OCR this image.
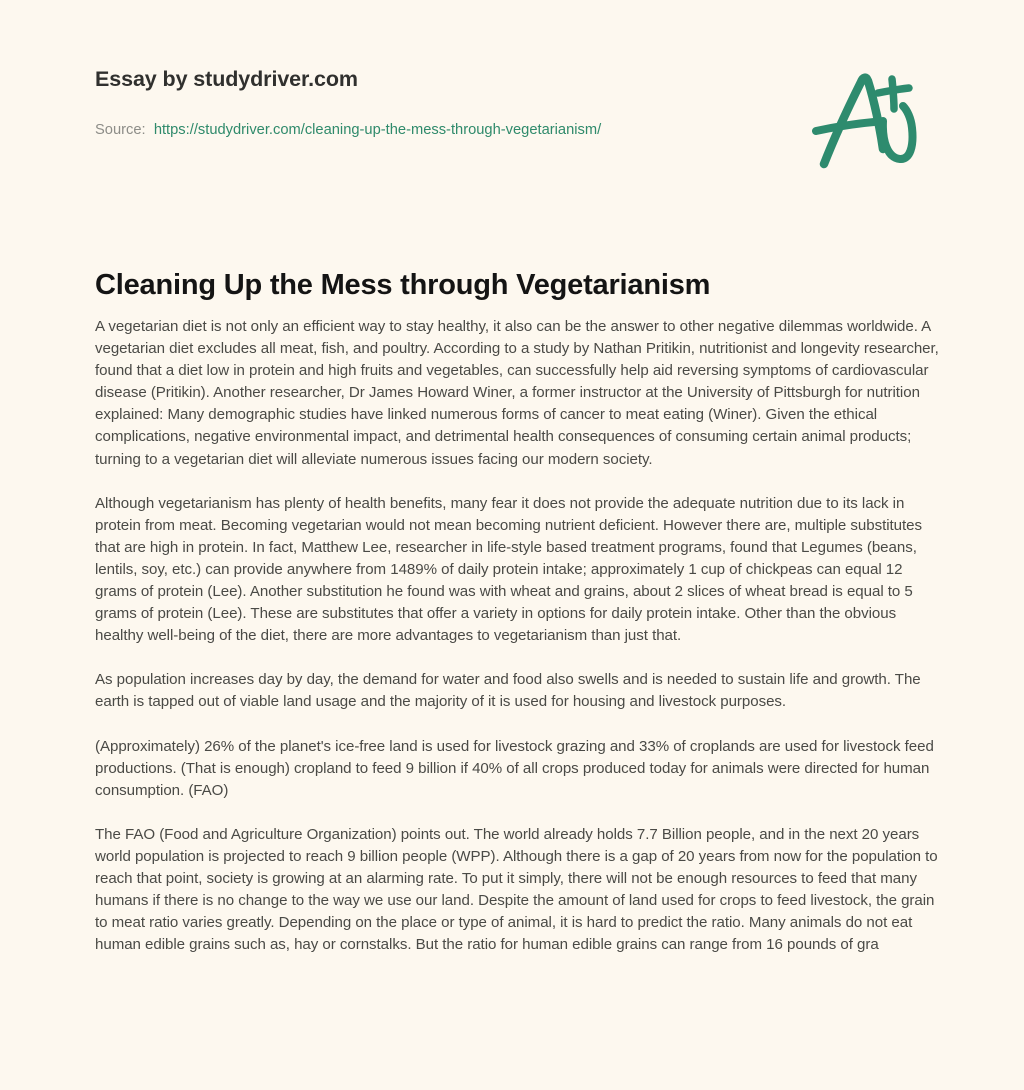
Essay by studydriver.com
Source: https://studydriver.com/cleaning-up-the-mess-through-vegetarianism/
Cleaning Up the Mess through Vegetarianism

A vegetarian diet is not only an efficient way to stay healthy, it also can be the answer to other negative dilemmas worldwide. A vegetarian diet excludes all meat, fish, and poultry. According to a study by Nathan Pritikin, nutritionist and longevity researcher, found that a diet low in protein and high fruits and vegetables, can successfully help aid reversing symptoms of cardiovascular disease (Pritikin). Another researcher, Dr James Howard Winer, a former instructor at the University of Pittsburgh for nutrition explained: Many demographic studies have linked numerous forms of cancer to meat eating (Winer). Given the ethical complications, negative environmental impact, and detrimental health consequences of consuming certain animal products; turning to a vegetarian diet will alleviate numerous issues facing our modern society.

Although vegetarianism has plenty of health benefits, many fear it does not provide the adequate nutrition due to its lack in protein from meat. Becoming vegetarian would not mean becoming nutrient deficient. However there are, multiple substitutes that are high in protein. In fact, Matthew Lee, researcher in life-style based treatment programs, found that Legumes (beans, lentils, soy, etc.) can provide anywhere from 1489% of daily protein intake; approximately 1 cup of chickpeas can equal 12 grams of protein (Lee). Another substitution he found was with wheat and grains, about 2 slices of wheat bread is equal to 5 grams of protein (Lee). These are substitutes that offer a variety in options for daily protein intake. Other than the obvious healthy well-being of the diet, there are more advantages to vegetarianism than just that.

As population increases day by day, the demand for water and food also swells and is needed to sustain life and growth. The earth is tapped out of viable land usage and the majority of it is used for housing and livestock purposes.

(Approximately) 26% of the planet's ice-free land is used for livestock grazing and 33% of croplands are used for livestock feed productions. (That is enough) cropland to feed 9 billion if 40% of all crops produced today for animals were directed for human consumption. (FAO)

The FAO (Food and Agriculture Organization) points out. The world already holds 7.7 Billion people, and in the next 20 years world population is projected to reach 9 billion people (WPP). Although there is a gap of 20 years from now for the population to reach that point, society is growing at an alarming rate. To put it simply, there will not be enough resources to feed that many humans if there is no change to the way we use our land. Despite the amount of land used for crops to feed livestock, the grain to meat ratio varies greatly. Depending on the place or type of animal, it is hard to predict the ratio. Many animals do not eat human edible grains such as, hay or cornstalks. But the ratio for human edible grains can range from 16 pounds of gra
